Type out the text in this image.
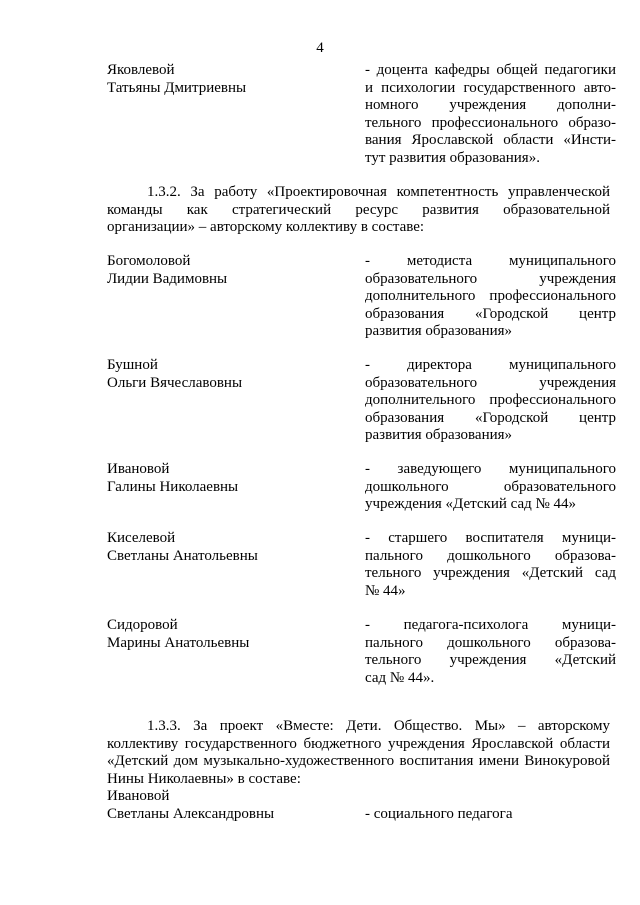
4
Яковлевой
Татьяны Дмитриевны
- доцента кафедры общей педагогики
и психологии государственного авто-
номного учреждения дополни-
тельного профессионального образо-
вания Ярославской области «Инсти-
тут развития образования».
1.3.2. За работу «Проектировочная компетентность управленческой
команды как стратегический ресурс развития образовательной
организации» – авторскому коллективу в составе:
Богомоловой
Лидии Вадимовны
- методиста муниципального
образовательного учреждения
дополнительного профессионального
образования «Городской центр
развития образования»
Бушной
Ольги Вячеславовны
- директора муниципального
образовательного учреждения
дополнительного профессионального
образования «Городской центр
развития образования»
Ивановой
Галины Николаевны
- заведующего муниципального
дошкольного образовательного
учреждения «Детский сад № 44»
Киселевой
Светланы Анатольевны
- старшего воспитателя муници-
пального дошкольного образова-
тельного учреждения «Детский сад
№ 44»
Сидоровой
Марины Анатольевны
- педагога-психолога муници-
пального дошкольного образова-
тельного учреждения «Детский
сад № 44».
1.3.3. За проект «Вместе: Дети. Общество. Мы» – авторскому
коллективу государственного бюджетного учреждения Ярославской области
«Детский дом музыкально-художественного воспитания имени Винокуровой
Нины Николаевны» в составе:
Ивановой
Светланы Александровны	- социального педагога
